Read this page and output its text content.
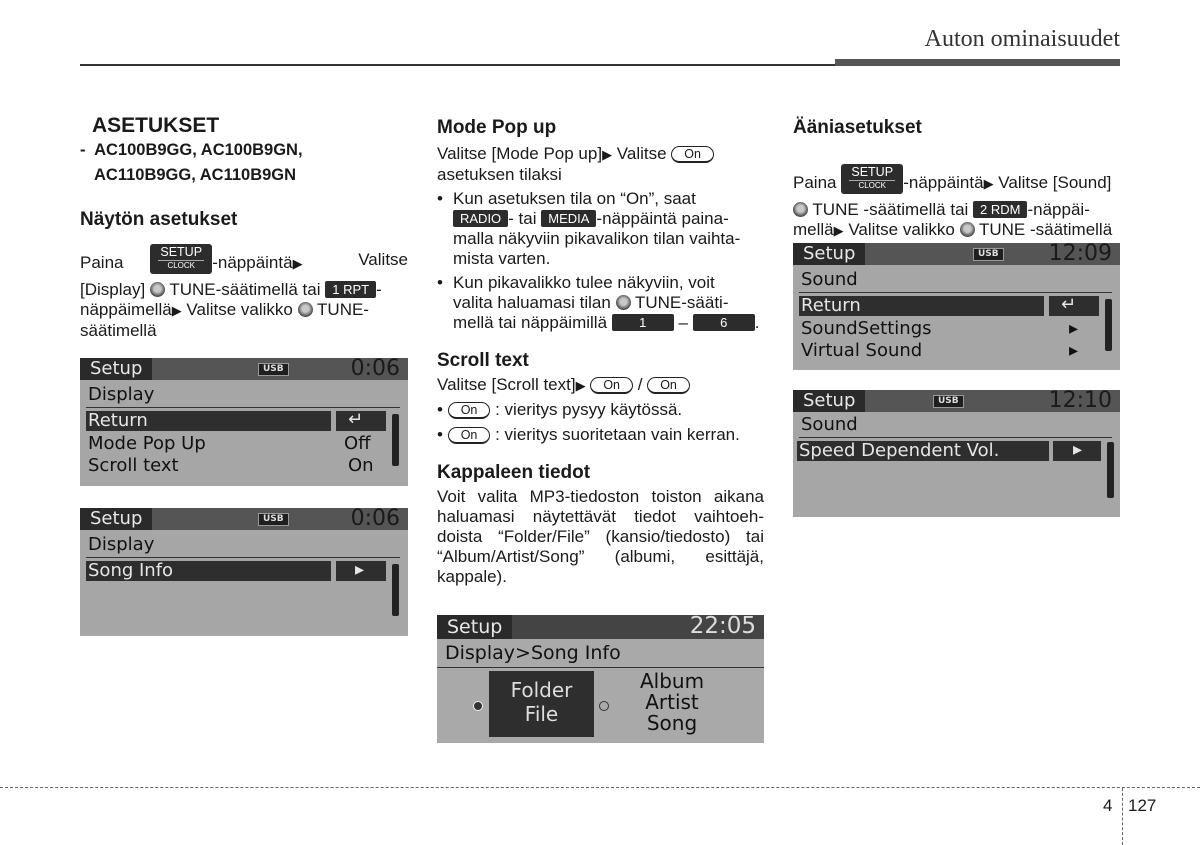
Auton ominaisuudet
ASETUKSET
- AC100B9GG, AC100B9GN,
AC110B9GG, AC110B9GN
Näytön asetukset

Paina
SETUP
CLOCK	-näppäintä▶	Valitse

[Display] TUNE-säätimellä tai 1 RPT -

näppäimellä▶ Valitse valikko TUNE-

säätimellä

Setup	USB	0:06
Display
Return	↵
Mode Pop Up	Off
Scroll text	On
Setup	USB	0:06
Display
Song Info	▸
Mode Pop up

Valitse [Mode Pop up]▶ Valitse On

asetuksen tilaksi

• Kun asetuksen tila on “On”, saat
RADIO - tai MEDIA -näppäintä paina-
malla näkyviin pikavalikon tilan vaihta-
mista varten.
• Kun pikavalikko tulee näkyviin, voit
valita haluamasi tilan TUNE-sääti-
mellä tai näppäimillä 1 – 6 .
Scroll text

Valitse [Scroll text]▶ On / On

• On : vieritys pysyy käytössä.

• On : vieritys suoritetaan vain kerran.

Kappaleen tiedot

Voit valita MP3-tiedoston toiston aikana haluamasi näytettävät tiedot vaihtoeh-doista “Folder/File” (kansio/tiedosto) tai “Album/Artist/Song” (albumi, esittäjä, kappale).

Setup	22:05
Display>Song Info
Folder
File
Album
Artist
Song
Ääniasetukset

Paina
SETUP
CLOCK	-näppäintä▶ Valitse [Sound]

TUNE -säätimellä tai 2 RDM -näppäi-

mellä▶ Valitse valikko TUNE -säätimellä

Setup	USB 12:09
Sound
Return	↵
SoundSettings	▸
Virtual Sound	▸
Setup	USB	12:10
Sound
Speed Dependent Vol.	▸
4 127
